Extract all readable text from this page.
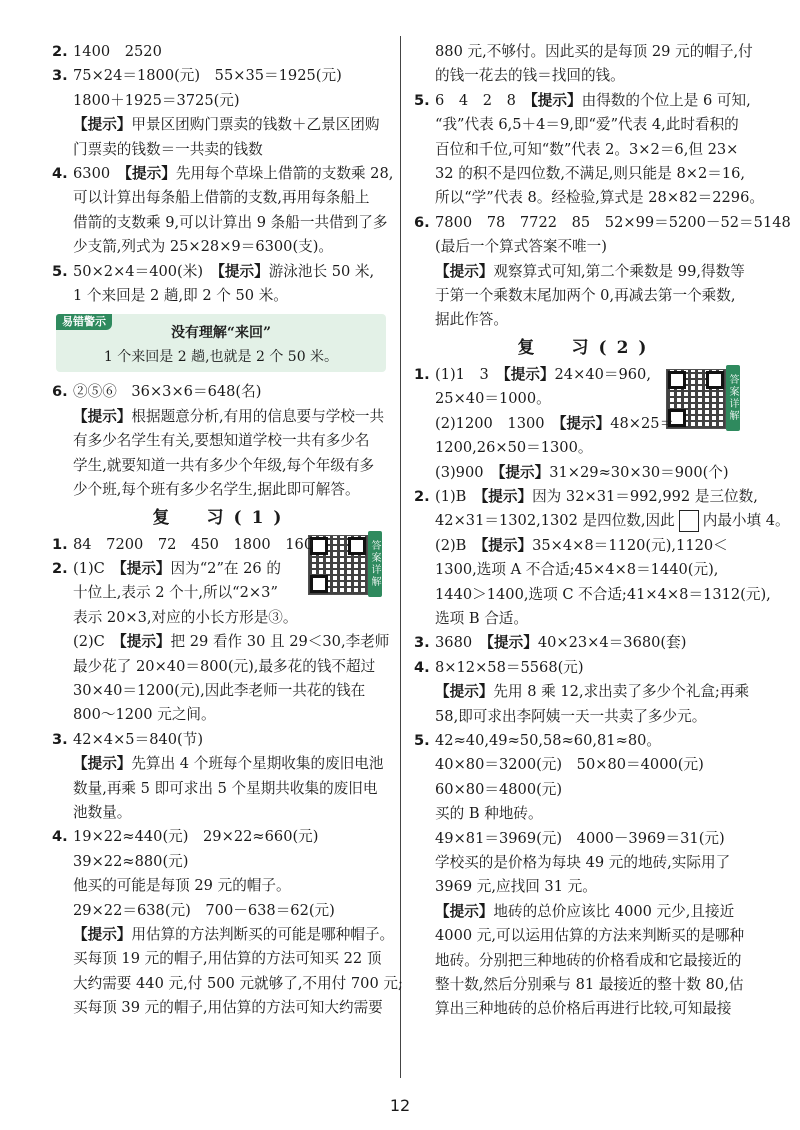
2. 1400　2520
3. 75×24＝1800(元)　55×35＝1925(元)
1800＋1925＝3725(元)
【提示】甲景区团购门票卖的钱数＋乙景区团购
门票卖的钱数＝一共卖的钱数
4. 6300　【提示】先用每个草垛上借箭的支数乘 28,
可以计算出每条船上借箭的支数,再用每条船上
借箭的支数乘 9,可以计算出 9 条船一共借到了多
少支箭,列式为 25×28×9＝6300(支)。
5. 50×2×4＝400(米)　【提示】游泳池长 50 米,
1 个来回是 2 趟,即 2 个 50 米。
易错警示
没有理解“来回”
1 个来回是 2 趟,也就是 2 个 50 米。
6. ②⑤⑥　36×3×6＝648(名)
【提示】根据题意分析,有用的信息要与学校一共
有多少名学生有关,要想知道学校一共有多少名
学生,就要知道一共有多少个年级,每个年级有多
少个班,每个班有多少名学生,据此即可解答。
复　习(1)
答案详解
1. 84　7200　72　450　1800　160
2. (1)C　【提示】因为“2”在 26 的
十位上,表示 2 个十,所以“2×3”
表示 20×3,对应的小长方形是③。
(2)C　【提示】把 29 看作 30 且 29＜30,李老师
最少花了 20×40＝800(元),最多花的钱不超过
30×40＝1200(元),因此李老师一共花的钱在
800～1200 元之间。
3. 42×4×5＝840(节)
【提示】先算出 4 个班每个星期收集的废旧电池
数量,再乘 5 即可求出 5 个星期共收集的废旧电
池数量。
4. 19×22≈440(元)　29×22≈660(元)
39×22≈880(元)
他买的可能是每顶 29 元的帽子。
29×22＝638(元)　700－638＝62(元)
【提示】用估算的方法判断买的可能是哪种帽子。
买每顶 19 元的帽子,用估算的方法可知买 22 顶
大约需要 440 元,付 500 元就够了,不用付 700 元;
买每顶 39 元的帽子,用估算的方法可知大约需要
880 元,不够付。因此买的是每顶 29 元的帽子,付
的钱一花去的钱＝找回的钱。
5. 6　4　2　8　【提示】由得数的个位上是 6 可知,
“我”代表 6,5＋4＝9,即“爱”代表 4,此时看积的
百位和千位,可知“数”代表 2。3×2＝6,但 23×
32 的积不是四位数,不满足,则只能是 8×2＝16,
所以“学”代表 8。经检验,算式是 28×82＝2296。
6. 7800　78　7722　85　52×99＝5200－52＝5148
(最后一个算式答案不唯一)
【提示】观察算式可知,第二个乘数是 99,得数等
于第一个乘数末尾加两个 0,再减去第一个乘数,
据此作答。
复　习(2)
答案详解
1. (1)1　3　【提示】24×40＝960,
25×40＝1000。
(2)1200　1300　【提示】48×25＝
1200,26×50＝1300。
(3)900　【提示】31×29≈30×30＝900(个)
2. (1)B　【提示】因为 32×31＝992,992 是三位数,
42×31＝1302,1302 是四位数,因此 内最小填 4。
(2)B　【提示】35×4×8＝1120(元),1120＜
1300,选项 A 不合适;45×4×8＝1440(元),
1440＞1400,选项 C 不合适;41×4×8＝1312(元),
选项 B 合适。
3. 3680　【提示】40×23×4＝3680(套)
4. 8×12×58＝5568(元)
【提示】先用 8 乘 12,求出卖了多少个礼盒;再乘
58,即可求出李阿姨一天一共卖了多少元。
5. 42≈40,49≈50,58≈60,81≈80。
40×80＝3200(元)　50×80＝4000(元)
60×80＝4800(元)
买的 B 种地砖。
49×81＝3969(元)　4000－3969＝31(元)
学校买的是价格为每块 49 元的地砖,实际用了
3969 元,应找回 31 元。
【提示】地砖的总价应该比 4000 元少,且接近
4000 元,可以运用估算的方法来判断买的是哪种
地砖。分别把三种地砖的价格看成和它最接近的
整十数,然后分别乘与 81 最接近的整十数 80,估
算出三种地砖的总价格后再进行比较,可知最接
12
